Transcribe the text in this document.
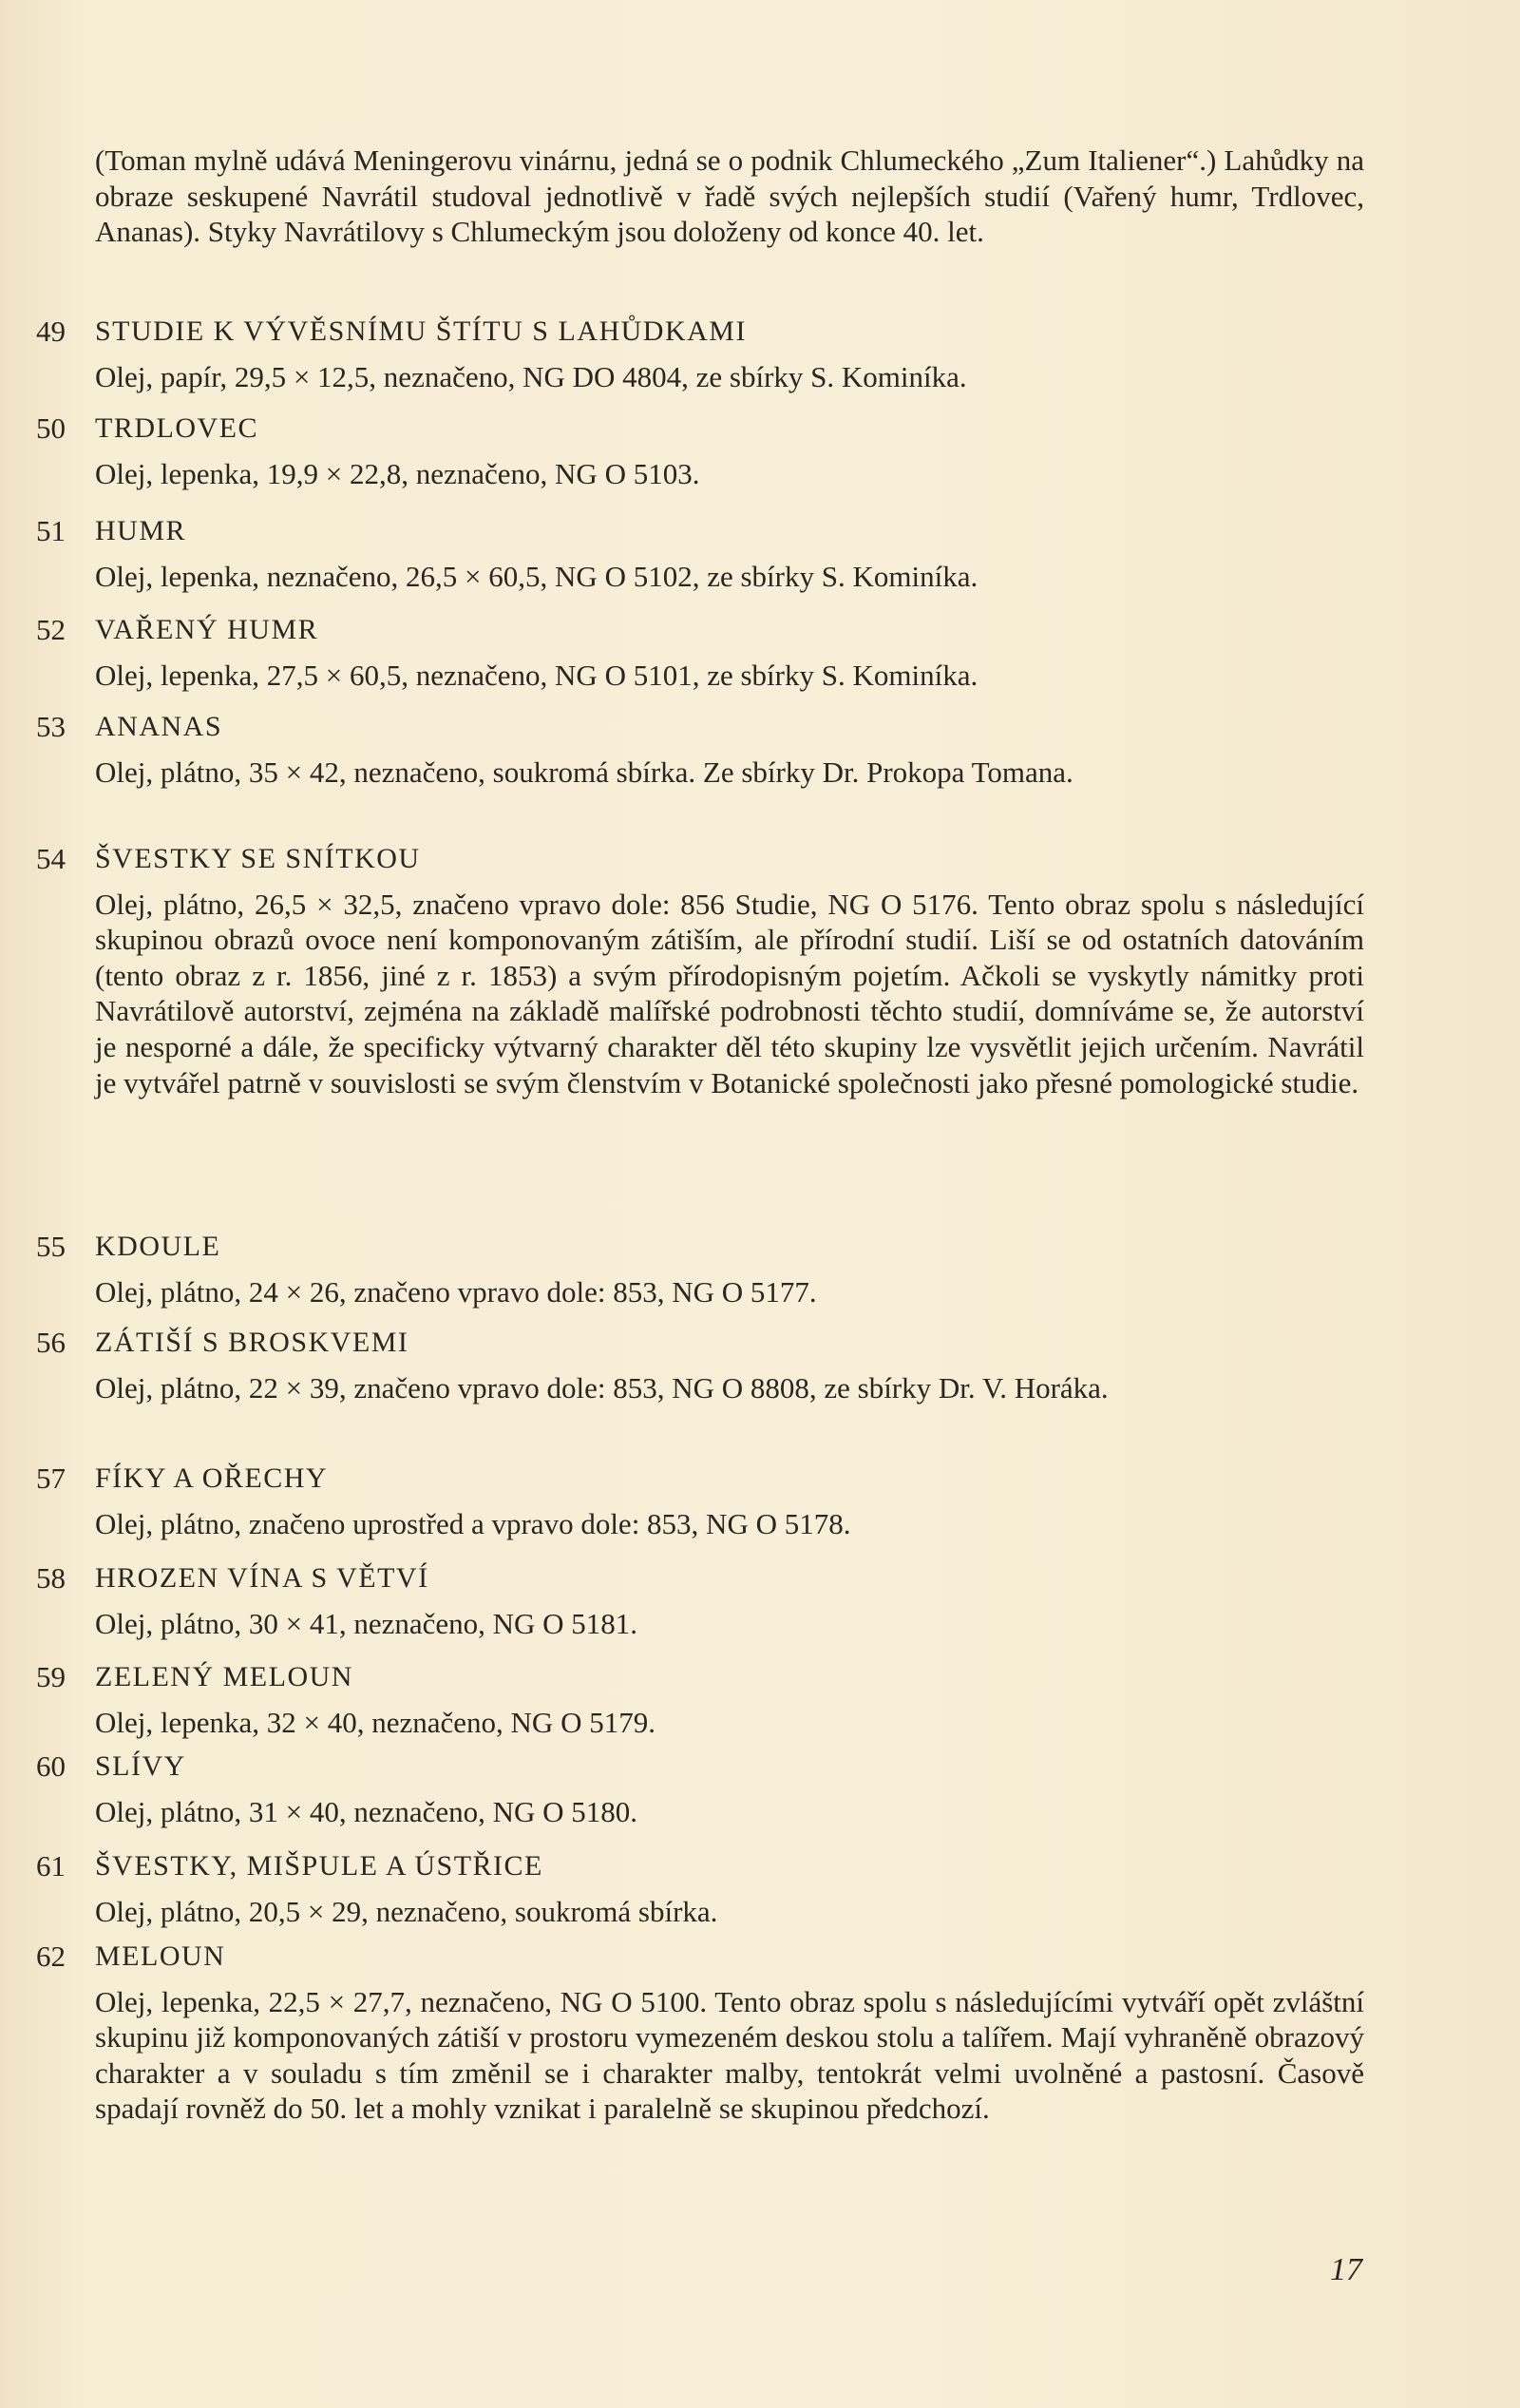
(Toman mylně udává Meningerovu vinárnu, jedná se o podnik Chlumeckého „Zum Italiener“.) Lahůdky na obraze seskupené Navrátil studoval jednotlivě v řadě svých nejlepších studií (Vařený humr, Trdlovec, Ananas). Styky Navrátilovy s Chlumeckým jsou doloženy od konce 40. let.
49 STUDIE K VÝVĚSNÍMU ŠTÍTU S LAHŮDKAMI
Olej, papír, 29,5 × 12,5, neznačeno, NG DO 4804, ze sbírky S. Kominíka.
50 TRDLOVEC
Olej, lepenka, 19,9 × 22,8, neznačeno, NG O 5103.
51 HUMR
Olej, lepenka, neznačeno, 26,5 × 60,5, NG O 5102, ze sbírky S. Kominíka.
52 VAŘENÝ HUMR
Olej, lepenka, 27,5 × 60,5, neznačeno, NG O 5101, ze sbírky S. Kominíka.
53 ANANAS
Olej, plátno, 35 × 42, neznačeno, soukromá sbírka. Ze sbírky Dr. Prokopa Tomana.
54 ŠVESTKY SE SNÍTKOU
Olej, plátno, 26,5 × 32,5, značeno vpravo dole: 856 Studie, NG O 5176. Tento obraz spolu s následující skupinou obrazů ovoce není komponovaným zátiším, ale přírodní studií. Liší se od ostatních datováním (tento obraz z r. 1856, jiné z r. 1853) a svým přírodopisným pojetím. Ačkoli se vyskytly námitky proti Navrátilově autorství, zejména na základě malířské podrobnosti těchto studií, domníváme se, že autorství je nesporné a dále, že specificky výtvarný charakter děl této skupiny lze vysvětlit jejich určením. Navrátil je vytvářel patrně v souvislosti se svým členstvím v Botanické společnosti jako přesné pomologické studie.
55 KDOULE
Olej, plátno, 24 × 26, značeno vpravo dole: 853, NG O 5177.
56 ZÁTIŠÍ S BROSKVEMI
Olej, plátno, 22 × 39, značeno vpravo dole: 853, NG O 8808, ze sbírky Dr. V. Horáka.
57 FÍKY A OŘECHY
Olej, plátno, značeno uprostřed a vpravo dole: 853, NG O 5178.
58 HROZEN VÍNA S VĚTVÍ
Olej, plátno, 30 × 41, neznačeno, NG O 5181.
59 ZELENÝ MELOUN
Olej, lepenka, 32 × 40, neznačeno, NG O 5179.
60 SLÍVY
Olej, plátno, 31 × 40, neznačeno, NG O 5180.
61 ŠVESTKY, MIŠPULE A ÚSTŘICE
Olej, plátno, 20,5 × 29, neznačeno, soukromá sbírka.
62 MELOUN
Olej, lepenka, 22,5 × 27,7, neznačeno, NG O 5100. Tento obraz spolu s následujícími vytváří opět zvláštní skupinu již komponovaných zátiší v prostoru vymezeném deskou stolu a talířem. Mají vyhraněně obrazový charakter a v souladu s tím změnil se i charakter malby, tentokrát velmi uvolněné a pastosní. Časově spadají rovněž do 50. let a mohly vznikat i paralelně se skupinou předchozí.
17
